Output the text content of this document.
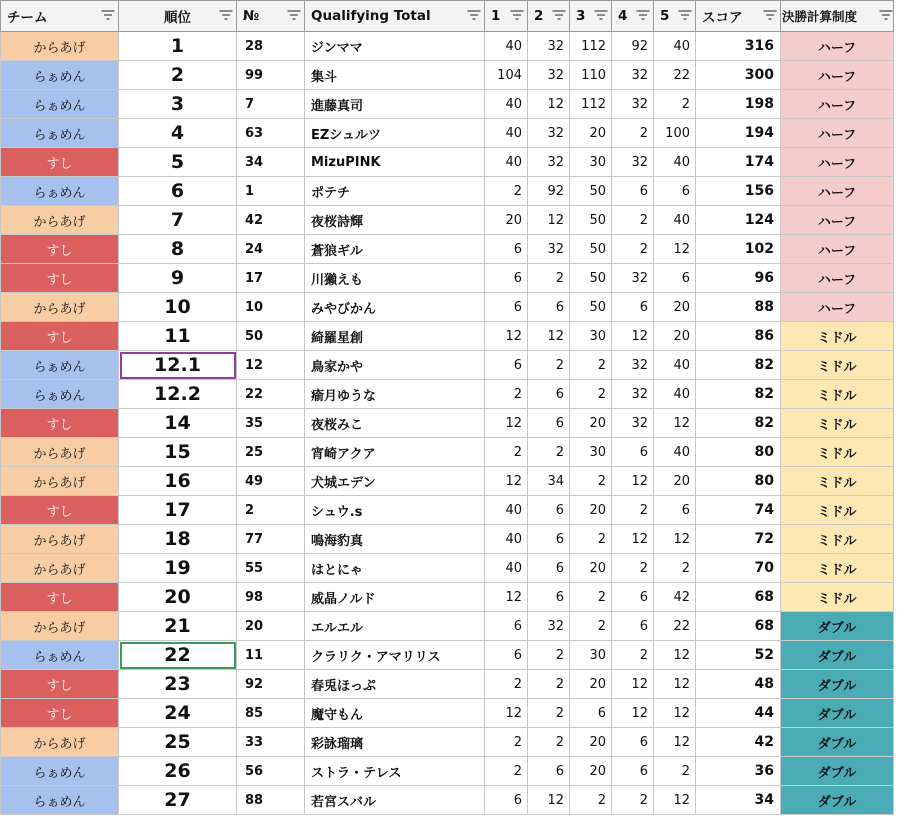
チーム	順位	№	Qualifying Total	1	2	3	4	5	スコア	決勝計算制度

からあげ	1	28	ジンママ	40	32	112	92	40	316	ハーフ
らぁめん	2	99	集斗	104	32	110	32	22	300	ハーフ
らぁめん	3	7	進藤真司	40	12	112	32	2	198	ハーフ
らぁめん	4	63	EZシュルツ	40	32	20	2	100	194	ハーフ
すし	5	34	MizuPINK	40	32	30	32	40	174	ハーフ
らぁめん	6	1	ポテチ	2	92	50	6	6	156	ハーフ
からあげ	7	42	夜桜詩輝	20	12	50	2	40	124	ハーフ
すし	8	24	蒼狼ギル	6	32	50	2	12	102	ハーフ
すし	9	17	川獺えも	6	2	50	32	6	96	ハーフ
からあげ	10	10	みやびかん	6	6	50	6	20	88	ハーフ
すし	11	50	綺羅星創	12	12	30	12	20	86	ミドル
らぁめん	12.1	12	鳥家かや	6	2	2	32	40	82	ミドル
らぁめん	12.2	22	瘉月ゆうな	2	6	2	32	40	82	ミドル
すし	14	35	夜桜みこ	12	6	20	32	12	82	ミドル
からあげ	15	25	宵崎アクア	2	2	30	6	40	80	ミドル
からあげ	16	49	犬城エデン	12	34	2	12	20	80	ミドル
すし	17	2	シュウ.s	40	6	20	2	6	74	ミドル
からあげ	18	77	鳴海豹真	40	6	2	12	12	72	ミドル
からあげ	19	55	はとにゃ	40	6	20	2	2	70	ミドル
すし	20	98	威晶ノルド	12	6	2	6	42	68	ミドル
からあげ	21	20	エルエル	6	32	2	6	22	68	ダブル
らぁめん	22	11	クラリク・アマリリス	6	2	30	2	12	52	ダブル
すし	23	92	春兎ほっぷ	2	2	20	12	12	48	ダブル
すし	24	85	魔守もん	12	2	6	12	12	44	ダブル
からあげ	25	33	彩詠瑠璃	2	2	20	6	12	42	ダブル
らぁめん	26	56	ストラ・テレス	2	6	20	6	2	36	ダブル
らぁめん	27	88	若宮スバル	6	12	2	2	12	34	ダブル
